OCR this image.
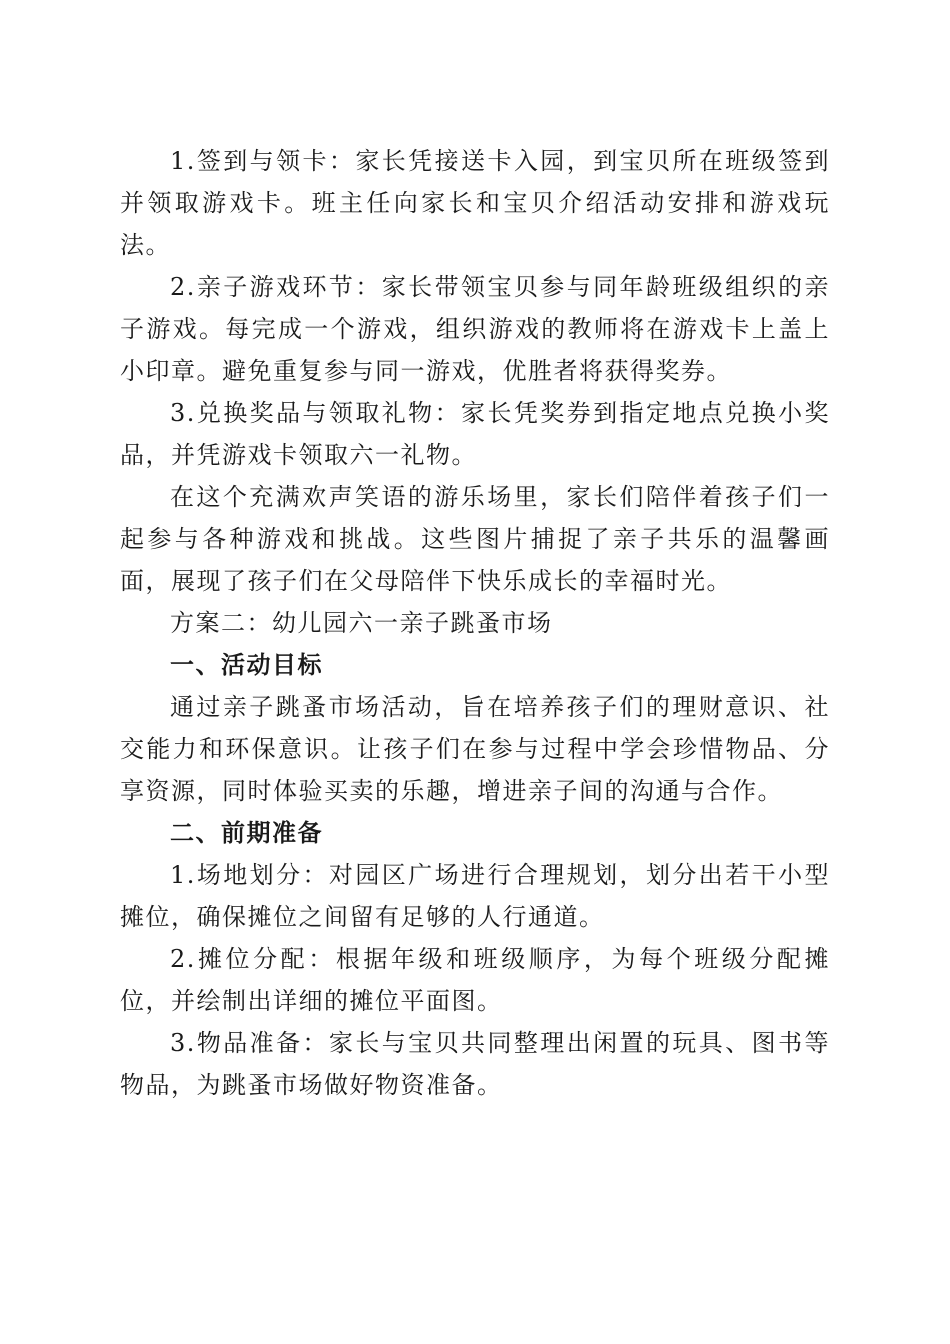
1.签到与领卡：家长凭接送卡入园，到宝贝所在班级签到并领取游戏卡。班主任向家长和宝贝介绍活动安排和游戏玩法。

2.亲子游戏环节：家长带领宝贝参与同年龄班级组织的亲子游戏。每完成一个游戏，组织游戏的教师将在游戏卡上盖上小印章。避免重复参与同一游戏，优胜者将获得奖券。

3.兑换奖品与领取礼物：家长凭奖券到指定地点兑换小奖品，并凭游戏卡领取六一礼物。

在这个充满欢声笑语的游乐场里，家长们陪伴着孩子们一起参与各种游戏和挑战。这些图片捕捉了亲子共乐的温馨画面，展现了孩子们在父母陪伴下快乐成长的幸福时光。

方案二：幼儿园六一亲子跳蚤市场

一、活动目标

通过亲子跳蚤市场活动，旨在培养孩子们的理财意识、社交能力和环保意识。让孩子们在参与过程中学会珍惜物品、分享资源，同时体验买卖的乐趣，增进亲子间的沟通与合作。

二、前期准备

1.场地划分：对园区广场进行合理规划，划分出若干小型摊位，确保摊位之间留有足够的人行通道。

2.摊位分配：根据年级和班级顺序，为每个班级分配摊位，并绘制出详细的摊位平面图。

3.物品准备：家长与宝贝共同整理出闲置的玩具、图书等物品，为跳蚤市场做好物资准备。
